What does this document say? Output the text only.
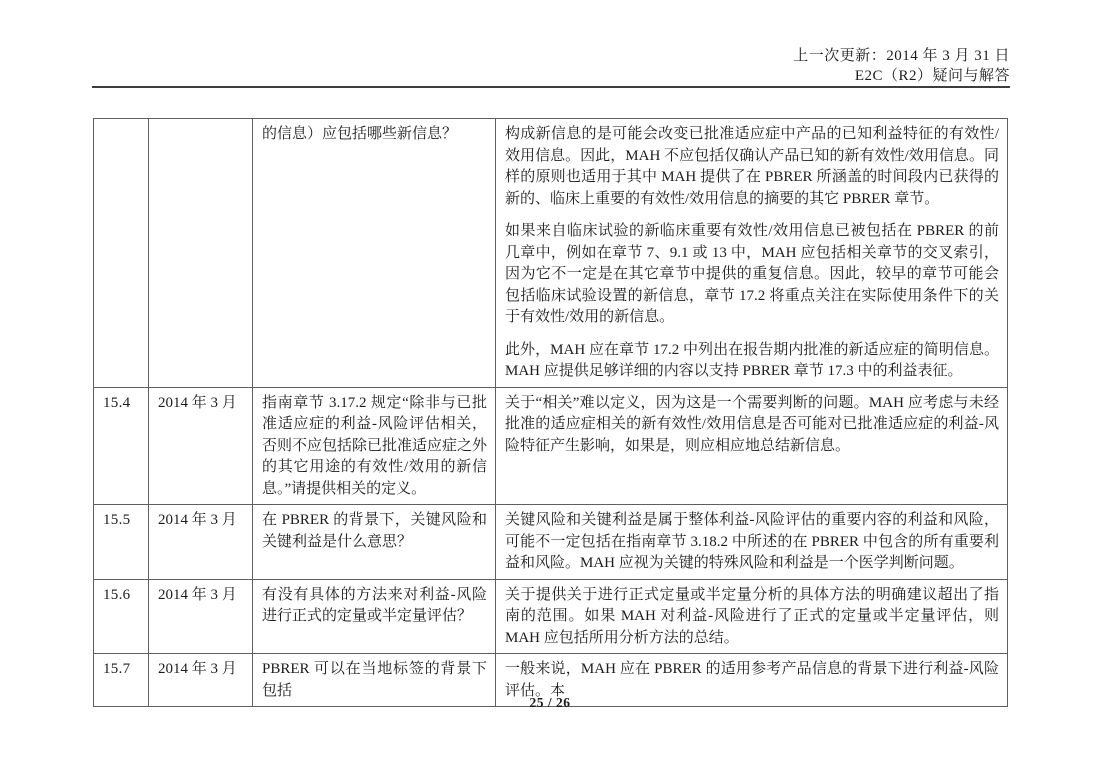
上一次更新：2014 年 3 月 31 日
E2C（R2）疑问与解答
		的信息）应包括哪些新信息？	构成新信息的是可能会改变已批准适应症中产品的已知利益特征的有效性/效用信息。因此，MAH 不应包括仅确认产品已知的新有效性/效用信息。同样的原则也适用于其中 MAH 提供了在 PBRER 所涵盖的时间段内已获得的新的、临床上重要的有效性/效用信息的摘要的其它 PBRER 章节。

如果来自临床试验的新临床重要有效性/效用信息已被包括在 PBRER 的前几章中，例如在章节 7、9.1 或 13 中，MAH 应包括相关章节的交叉索引，因为它不一定是在其它章节中提供的重复信息。因此，较早的章节可能会包括临床试验设置的新信息，章节 17.2 将重点关注在实际使用条件下的关于有效性/效用的新信息。

此外，MAH 应在章节 17.2 中列出在报告期内批准的新适应症的简明信息。MAH 应提供足够详细的内容以支持 PBRER 章节 17.3 中的利益表征。

15.4	2014 年 3 月	指南章节 3.17.2 规定“除非与已批准适应症的利益-风险评估相关，否则不应包括除已批准适应症之外的其它用途的有效性/效用的新信息。”请提供相关的定义。	关于“相关”难以定义，因为这是一个需要判断的问题。MAH 应考虑与未经批准的适应症相关的新有效性/效用信息是否可能对已批准适应症的利益-风险特征产生影响，如果是，则应相应地总结新信息。

15.5	2014 年 3 月	在 PBRER 的背景下，关键风险和关键利益是什么意思？	关键风险和关键利益是属于整体利益-风险评估的重要内容的利益和风险，可能不一定包括在指南章节 3.18.2 中所述的在 PBRER 中包含的所有重要利益和风险。MAH 应视为关键的特殊风险和利益是一个医学判断问题。

15.6	2014 年 3 月	有没有具体的方法来对利益-风险进行正式的定量或半定量评估？	关于提供关于进行正式定量或半定量分析的具体方法的明确建议超出了指南的范围。如果 MAH 对利益-风险进行了正式的定量或半定量评估，则 MAH 应包括所用分析方法的总结。

15.7	2014 年 3 月	PBRER 可以在当地标签的背景下包括	一般来说，MAH 应在 PBRER 的适用参考产品信息的背景下进行利益-风险评估。本

25 / 26
